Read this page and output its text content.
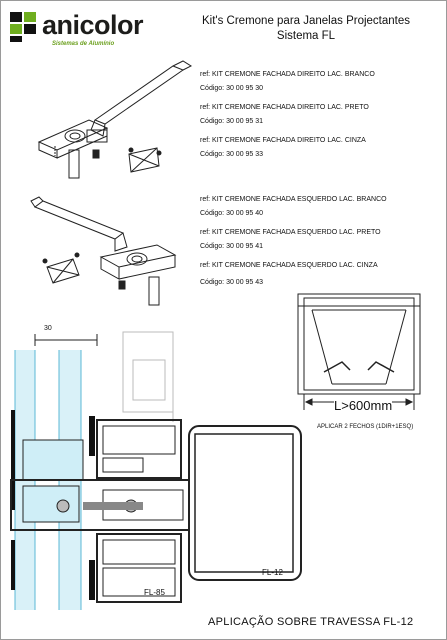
anicolor
Sistemas de Alumínio
Kit's Cremone para Janelas Projectantes
Sistema FL
ref: KIT CREMONE FACHADA DIREITO LAC. BRANCO
Código: 30 00 95 30
ref: KIT CREMONE FACHADA DIREITO LAC. PRETO
Código: 30 00 95 31
ref: KIT CREMONE FACHADA DIREITO LAC. CINZA
Código: 30 00 95 33
ref: KIT CREMONE FACHADA ESQUERDO LAC. BRANCO
Código: 30 00 95 40
ref: KIT CREMONE FACHADA ESQUERDO LAC. PRETO
Código: 30 00 95 41
ref: KIT CREMONE FACHADA ESQUERDO LAC. CINZA
Código: 30 00 95 43
L>600mm
APLICAR 2 FECHOS (1DIR+1ESQ)
30
FL-85
FL-12
APLICAÇÃO SOBRE TRAVESSA FL-12
